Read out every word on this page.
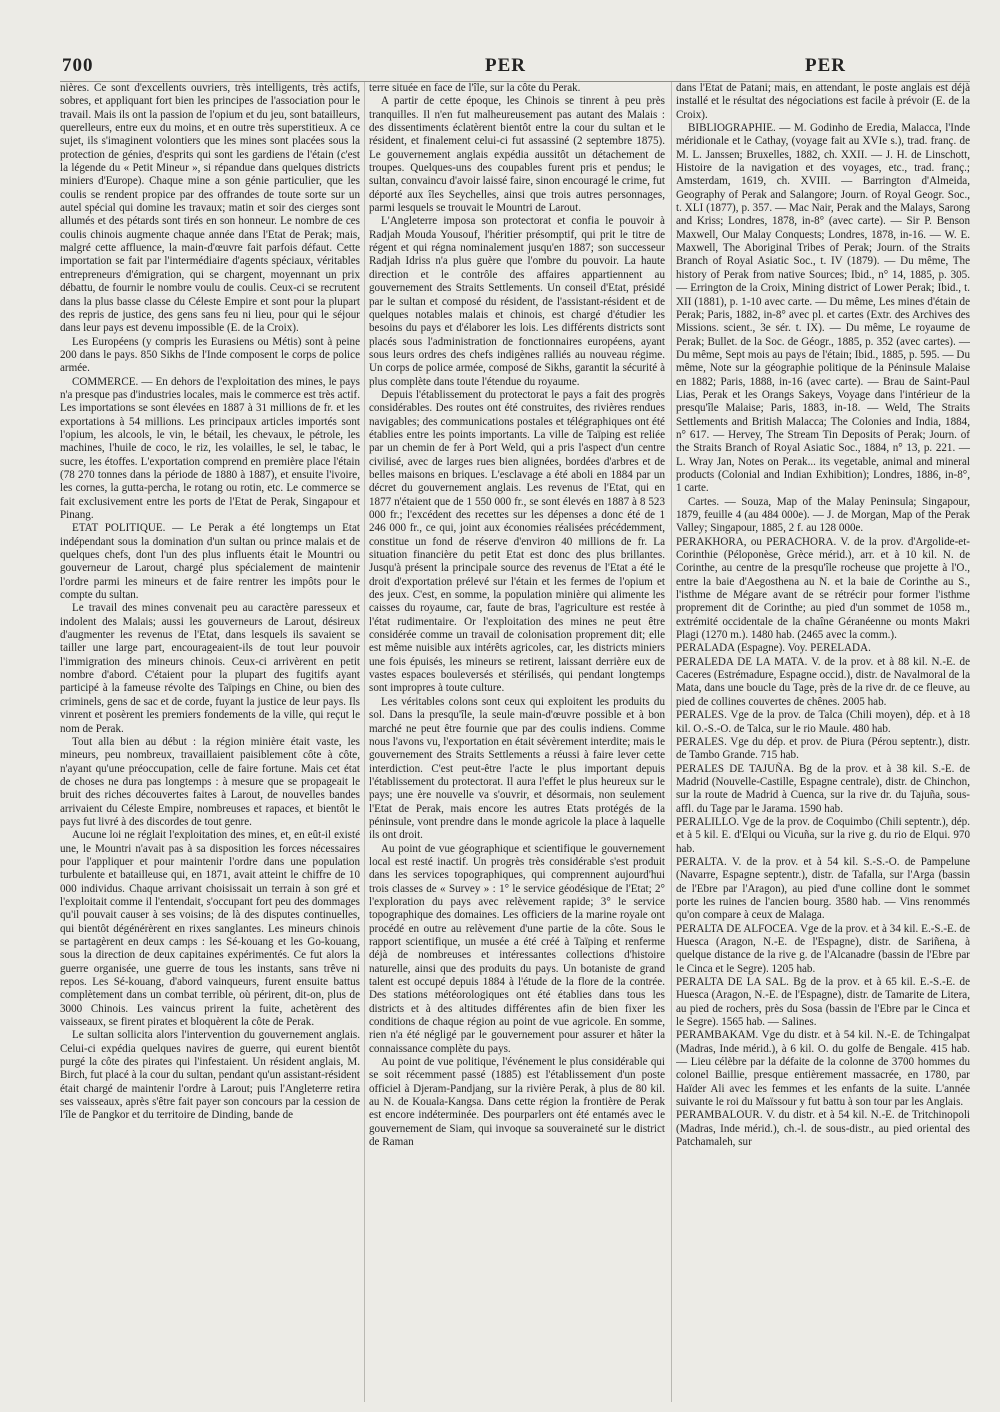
700	PER	PER

nières. Ce sont d'excellents ouvriers, très intelligents, très actifs, sobres, et appliquant fort bien les principes de l'association pour le travail. Mais ils ont la passion de l'opium et du jeu, sont batailleurs, querelleurs, entre eux du moins, et en outre très superstitieux. A ce sujet, ils s'imaginent volontiers que les mines sont placées sous la protection de génies, d'esprits qui sont les gardiens de l'étain (c'est la légende du « Petit Mineur », si répandue dans quelques districts miniers d'Europe). Chaque mine a son génie particulier, que les coulis se rendent propice par des offrandes de toute sorte sur un autel spécial qui domine les travaux; matin et soir des cierges sont allumés et des pétards sont tirés en son honneur. Le nombre de ces coulis chinois augmente chaque année dans l'Etat de Perak; mais, malgré cette affluence, la main-d'œuvre fait parfois défaut. Cette importation se fait par l'intermédiaire d'agents spéciaux, véritables entrepreneurs d'émigration, qui se chargent, moyennant un prix débattu, de fournir le nombre voulu de coulis. Ceux-ci se recrutent dans la plus basse classe du Céleste Empire et sont pour la plupart des repris de justice, des gens sans feu ni lieu, pour qui le séjour dans leur pays est devenu impossible (E. de la Croix).

Les Européens (y compris les Eurasiens ou Métis) sont à peine 200 dans le pays. 850 Sikhs de l'Inde composent le corps de police armée.

COMMERCE. — En dehors de l'exploitation des mines, le pays n'a presque pas d'industries locales, mais le commerce est très actif. Les importations se sont élevées en 1887 à 31 millions de fr. et les exportations à 54 millions. Les principaux articles importés sont l'opium, les alcools, le vin, le bétail, les chevaux, le pétrole, les machines, l'huile de coco, le riz, les volailles, le sel, le tabac, le sucre, les étoffes. L'exportation comprend en première place l'étain (78 270 tonnes dans la période de 1880 à 1887), et ensuite l'ivoire, les cornes, la gutta-percha, le rotang ou rotin, etc. Le commerce se fait exclusivement entre les ports de l'Etat de Perak, Singapour et Pinang.

ETAT POLITIQUE. — Le Perak a été longtemps un Etat indépendant sous la domination d'un sultan ou prince malais et de quelques chefs, dont l'un des plus influents était le Mountri ou gouverneur de Larout, chargé plus spécialement de maintenir l'ordre parmi les mineurs et de faire rentrer les impôts pour le compte du sultan.

Le travail des mines convenait peu au caractère paresseux et indolent des Malais; aussi les gouverneurs de Larout, désireux d'augmenter les revenus de l'Etat, dans lesquels ils savaient se tailler une large part, encourageaient-ils de tout leur pouvoir l'immigration des mineurs chinois. Ceux-ci arrivèrent en petit nombre d'abord. C'étaient pour la plupart des fugitifs ayant participé à la fameuse révolte des Taïpings en Chine, ou bien des criminels, gens de sac et de corde, fuyant la justice de leur pays. Ils vinrent et posèrent les premiers fondements de la ville, qui reçut le nom de Perak.

Tout alla bien au début : la région minière était vaste, les mineurs, peu nombreux, travaillaient paisiblement côte à côte, n'ayant qu'une préoccupation, celle de faire fortune. Mais cet état de choses ne dura pas longtemps : à mesure que se propageait le bruit des riches découvertes faites à Larout, de nouvelles bandes arrivaient du Céleste Empire, nombreuses et rapaces, et bientôt le pays fut livré à des discordes de tout genre.

Aucune loi ne réglait l'exploitation des mines, et, en eût-il existé une, le Mountri n'avait pas à sa disposition les forces nécessaires pour l'appliquer et pour maintenir l'ordre dans une population turbulente et batailleuse qui, en 1871, avait atteint le chiffre de 10 000 individus. Chaque arrivant choisissait un terrain à son gré et l'exploitait comme il l'entendait, s'occupant fort peu des dommages qu'il pouvait causer à ses voisins; de là des disputes continuelles, qui bientôt dégénérèrent en rixes sanglantes. Les mineurs chinois se partagèrent en deux camps : les Sé-kouang et les Go-kouang, sous la direction de deux capitaines expérimentés. Ce fut alors la guerre organisée, une guerre de tous les instants, sans trêve ni repos. Les Sé-kouang, d'abord vainqueurs, furent ensuite battus complètement dans un combat terrible, où périrent, dit-on, plus de 3000 Chinois. Les vaincus prirent la fuite, achetèrent des vaisseaux, se firent pirates et bloquèrent la côte de Perak.

Le sultan sollicita alors l'intervention du gouvernement anglais. Celui-ci expédia quelques navires de guerre, qui eurent bientôt purgé la côte des pirates qui l'infestaient. Un résident anglais, M. Birch, fut placé à la cour du sultan, pendant qu'un assistant-résident était chargé de maintenir l'ordre à Larout; puis l'Angleterre retira ses vaisseaux, après s'être fait payer son concours par la cession de l'île de Pangkor et du territoire de Dinding, bande de

terre située en face de l'île, sur la côte du Perak.

A partir de cette époque, les Chinois se tinrent à peu près tranquilles. Il n'en fut malheureusement pas autant des Malais : des dissentiments éclatèrent bientôt entre la cour du sultan et le résident, et finalement celui-ci fut assassiné (2 septembre 1875). Le gouvernement anglais expédia aussitôt un détachement de troupes. Quelques-uns des coupables furent pris et pendus; le sultan, convaincu d'avoir laissé faire, sinon encouragé le crime, fut déporté aux îles Seychelles, ainsi que trois autres personnages, parmi lesquels se trouvait le Mountri de Larout.

L'Angleterre imposa son protectorat et confia le pouvoir à Radjah Mouda Yousouf, l'héritier présomptif, qui prit le titre de régent et qui régna nominalement jusqu'en 1887; son successeur Radjah Idriss n'a plus guère que l'ombre du pouvoir. La haute direction et le contrôle des affaires appartiennent au gouvernement des Straits Settlements. Un conseil d'Etat, présidé par le sultan et composé du résident, de l'assistant-résident et de quelques notables malais et chinois, est chargé d'étudier les besoins du pays et d'élaborer les lois. Les différents districts sont placés sous l'administration de fonctionnaires européens, ayant sous leurs ordres des chefs indigènes ralliés au nouveau régime. Un corps de police armée, composé de Sikhs, garantit la sécurité à plus complète dans toute l'étendue du royaume.

Depuis l'établissement du protectorat le pays a fait des progrès considérables. Des routes ont été construites, des rivières rendues navigables; des communications postales et télégraphiques ont été établies entre les points importants. La ville de Taïping est reliée par un chemin de fer à Port Weld, qui a pris l'aspect d'un centre civilisé, avec de larges rues bien alignées, bordées d'arbres et de belles maisons en briques. L'esclavage a été aboli en 1884 par un décret du gouvernement anglais. Les revenus de l'Etat, qui en 1877 n'étaient que de 1 550 000 fr., se sont élevés en 1887 à 8 523 000 fr.; l'excédent des recettes sur les dépenses a donc été de 1 246 000 fr., ce qui, joint aux économies réalisées précédemment, constitue un fond de réserve d'environ 40 millions de fr. La situation financière du petit Etat est donc des plus brillantes. Jusqu'à présent la principale source des revenus de l'Etat a été le droit d'exportation prélevé sur l'étain et les fermes de l'opium et des jeux. C'est, en somme, la population minière qui alimente les caisses du royaume, car, faute de bras, l'agriculture est restée à l'état rudimentaire. Or l'exploitation des mines ne peut être considérée comme un travail de colonisation proprement dit; elle est même nuisible aux intérêts agricoles, car, les districts miniers une fois épuisés, les mineurs se retirent, laissant derrière eux de vastes espaces bouleversés et stérilisés, qui pendant longtemps sont impropres à toute culture.

Les véritables colons sont ceux qui exploitent les produits du sol. Dans la presqu'île, la seule main-d'œuvre possible et à bon marché ne peut être fournie que par des coulis indiens. Comme nous l'avons vu, l'exportation en était sévèrement interdite; mais le gouvernement des Straits Settlements a réussi à faire lever cette interdiction. C'est peut-être l'acte le plus important depuis l'établissement du protectorat. Il aura l'effet le plus heureux sur le pays; une ère nouvelle va s'ouvrir, et désormais, non seulement l'Etat de Perak, mais encore les autres Etats protégés de la péninsule, vont prendre dans le monde agricole la place à laquelle ils ont droit.

Au point de vue géographique et scientifique le gouvernement local est resté inactif. Un progrès très considérable s'est produit dans les services topographiques, qui comprennent aujourd'hui trois classes de « Survey » : 1° le service géodésique de l'Etat; 2° l'exploration du pays avec relèvement rapide; 3° le service topographique des domaines. Les officiers de la marine royale ont procédé en outre au relèvement d'une partie de la côte. Sous le rapport scientifique, un musée a été créé à Taïping et renferme déjà de nombreuses et intéressantes collections d'histoire naturelle, ainsi que des produits du pays. Un botaniste de grand talent est occupé depuis 1884 à l'étude de la flore de la contrée. Des stations météorologiques ont été établies dans tous les districts et à des altitudes différentes afin de bien fixer les conditions de chaque région au point de vue agricole. En somme, rien n'a été négligé par le gouvernement pour assurer et hâter la connaissance complète du pays.

Au point de vue politique, l'événement le plus considérable qui se soit récemment passé (1885) est l'établissement d'un poste officiel à Djeram-Pandjang, sur la rivière Perak, à plus de 80 kil. au N. de Kouala-Kangsa. Dans cette région la frontière de Perak est encore indéterminée. Des pourparlers ont été entamés avec le gouvernement de Siam, qui invoque sa souveraineté sur le district de Raman

dans l'Etat de Patani; mais, en attendant, le poste anglais est déjà installé et le résultat des négociations est facile à prévoir (E. de la Croix).

BIBLIOGRAPHIE. — M. Godinho de Eredia, Malacca, l'Inde méridionale et le Cathay, (voyage fait au XVIe s.), trad. franç. de M. L. Janssen; Bruxelles, 1882, ch. XXII. — J. H. de Linschott, Histoire de la navigation et des voyages, etc., trad. franç.; Amsterdam, 1619, ch. XVIII. — Barrington d'Almeida, Geography of Perak and Salangore; Journ. of Royal Geogr. Soc., t. XLI (1877), p. 357. — Mac Nair, Perak and the Malays, Sarong and Kriss; Londres, 1878, in-8° (avec carte). — Sir P. Benson Maxwell, Our Malay Conquests; Londres, 1878, in-16. — W. E. Maxwell, The Aboriginal Tribes of Perak; Journ. of the Straits Branch of Royal Asiatic Soc., t. IV (1879). — Du même, The history of Perak from native Sources; Ibid., n° 14, 1885, p. 305. — Errington de la Croix, Mining district of Lower Perak; Ibid., t. XII (1881), p. 1-10 avec carte. — Du même, Les mines d'étain de Perak; Paris, 1882, in-8° avec pl. et cartes (Extr. des Archives des Missions. scient., 3e sér. t. IX). — Du même, Le royaume de Perak; Bullet. de la Soc. de Géogr., 1885, p. 352 (avec cartes). — Du même, Sept mois au pays de l'étain; Ibid., 1885, p. 595. — Du même, Note sur la géographie politique de la Péninsule Malaise en 1882; Paris, 1888, in-16 (avec carte). — Brau de Saint-Paul Lias, Perak et les Orangs Sakeys, Voyage dans l'intérieur de la presqu'île Malaise; Paris, 1883, in-18. — Weld, The Straits Settlements and British Malacca; The Colonies and India, 1884, n° 617. — Hervey, The Stream Tin Deposits of Perak; Journ. of the Straits Branch of Royal Asiatic Soc., 1884, n° 13, p. 221. — L. Wray Jan, Notes on Perak... its vegetable, animal and mineral products (Colonial and Indian Exhibition); Londres, 1886, in-8°, 1 carte.

Cartes. — Souza, Map of the Malay Peninsula; Singapour, 1879, feuille 4 (au 484 000e). — J. de Morgan, Map of the Perak Valley; Singapour, 1885, 2 f. au 128 000e.

PERAKHORA, ou PERACHORA. V. de la prov. d'Argolide-et-Corinthie (Péloponèse, Grèce mérid.), arr. et à 10 kil. N. de Corinthe, au centre de la presqu'île rocheuse que projette à l'O., entre la baie d'Aegosthena au N. et la baie de Corinthe au S., l'isthme de Mégare avant de se rétrécir pour former l'isthme proprement dit de Corinthe; au pied d'un sommet de 1058 m., extrémité occidentale de la chaîne Géranéenne ou monts Makri Plagi (1270 m.). 1480 hab. (2465 avec la comm.).

PERALADA (Espagne). Voy. PERELADA.

PERALEDA DE LA MATA. V. de la prov. et à 88 kil. N.-E. de Caceres (Estrémadure, Espagne occid.), distr. de Navalmoral de la Mata, dans une boucle du Tage, près de la rive dr. de ce fleuve, au pied de collines couvertes de chênes. 2005 hab.

PERALES. Vge de la prov. de Talca (Chili moyen), dép. et à 18 kil. O.-S.-O. de Talca, sur le rio Maule. 480 hab.

PERALES. Vge du dép. et prov. de Piura (Pérou septentr.), distr. de Tambo Grande. 715 hab.

PERALES DE TAJUÑA. Bg de la prov. et à 38 kil. S.-E. de Madrid (Nouvelle-Castille, Espagne centrale), distr. de Chinchon, sur la route de Madrid à Cuenca, sur la rive dr. du Tajuña, sous-affl. du Tage par le Jarama. 1590 hab.

PERALILLO. Vge de la prov. de Coquimbo (Chili septentr.), dép. et à 5 kil. E. d'Elqui ou Vicuña, sur la rive g. du rio de Elqui. 970 hab.

PERALTA. V. de la prov. et à 54 kil. S.-S.-O. de Pampelune (Navarre, Espagne septentr.), distr. de Tafalla, sur l'Arga (bassin de l'Ebre par l'Aragon), au pied d'une colline dont le sommet porte les ruines de l'ancien bourg. 3580 hab. — Vins renommés qu'on compare à ceux de Malaga.

PERALTA DE ALFOCEA. Vge de la prov. et à 34 kil. E.-S.-E. de Huesca (Aragon, N.-E. de l'Espagne), distr. de Sariñena, à quelque distance de la rive g. de l'Alcanadre (bassin de l'Ebre par le Cinca et le Segre). 1205 hab.

PERALTA DE LA SAL. Bg de la prov. et à 65 kil. E.-S.-E. de Huesca (Aragon, N.-E. de l'Espagne), distr. de Tamarite de Litera, au pied de rochers, près du Sosa (bassin de l'Ebre par le Cinca et le Segre). 1565 hab. — Salines.

PERAMBAKAM. Vge du distr. et à 54 kil. N.-E. de Tchingalpat (Madras, Inde mérid.), à 6 kil. O. du golfe de Bengale. 415 hab. — Lieu célèbre par la défaite de la colonne de 3700 hommes du colonel Baillie, presque entièrement massacrée, en 1780, par Haïder Ali avec les femmes et les enfants de la suite. L'année suivante le roi du Maïssour y fut battu à son tour par les Anglais.

PERAMBALOUR. V. du distr. et à 54 kil. N.-E. de Tritchinopoli (Madras, Inde mérid.), ch.-l. de sous-distr., au pied oriental des Patchamaleh, sur
